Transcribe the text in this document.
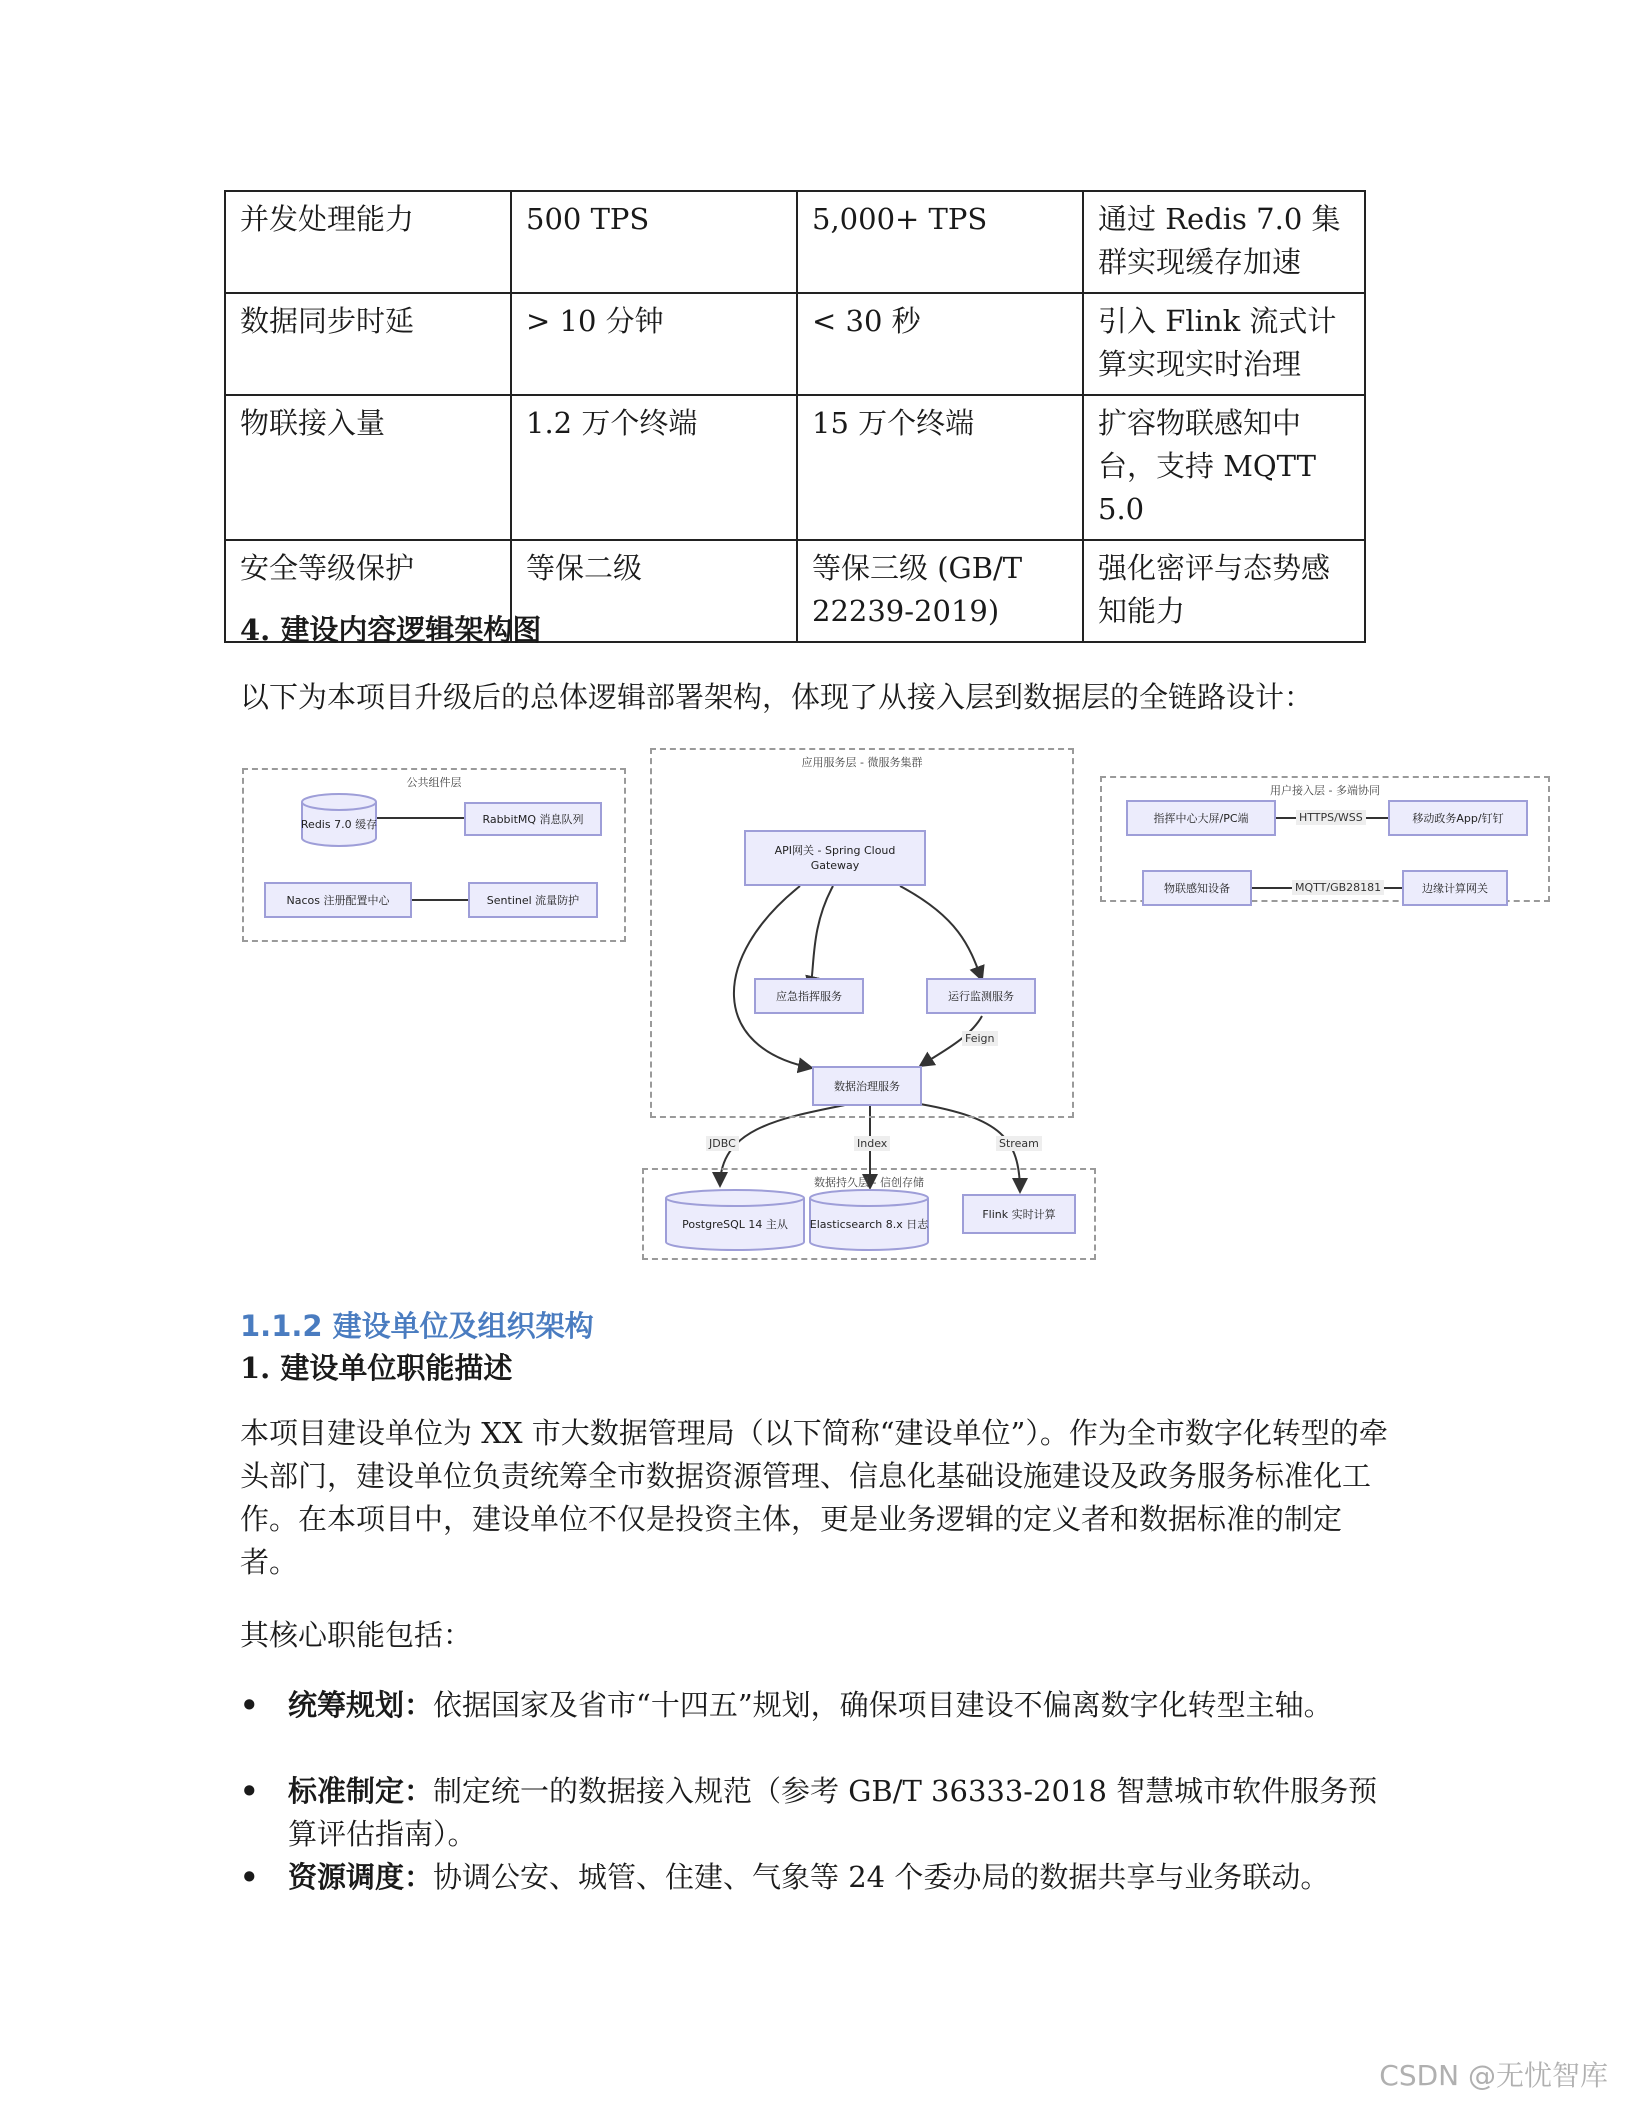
并发处理能力	500 TPS	5,000+ TPS	通过 Redis 7.0 集群实现缓存加速
数据同步时延	> 10 分钟	< 30 秒	引入 Flink 流式计算实现实时治理
物联接入量	1.2 万个终端	15 万个终端	扩容物联感知中台，支持 MQTT 5.0
安全等级保护	等保二级	等保三级 (GB/T 22239-2019)	强化密评与态势感知能力
4. 建设内容逻辑架构图
以下为本项目升级后的总体逻辑部署架构，体现了从接入层到数据层的全链路设计：
公共组件层
Redis 7.0 缓存	RabbitMQ 消息队列
Nacos 注册配置中心	Sentinel 流量防护
应用服务层 - 微服务集群
API网关 - Spring Cloud Gateway
应急指挥服务	运行监测服务
Feign
数据治理服务
用户接入层 - 多端协同
指挥中心大屏/PC端	HTTPS/WSS	移动政务App/钉钉
物联感知设备	MQTT/GB28181	边缘计算网关
JDBC	Index	Stream
数据持久层 - 信创存储
PostgreSQL 14 主从	Elasticsearch 8.x 日志
Flink 实时计算
1.1.2 建设单位及组织架构
1. 建设单位职能描述
本项目建设单位为 XX 市大数据管理局（以下简称“建设单位”）。作为全市数字化转型的牵头部门，建设单位负责统筹全市数据资源管理、信息化基础设施建设及政务服务标准化工作。在本项目中，建设单位不仅是投资主体，更是业务逻辑的定义者和数据标准的制定者。
其核心职能包括：
• 统筹规划：依据国家及省市“十四五”规划，确保项目建设不偏离数字化转型主轴。
• 标准制定：制定统一的数据接入规范（参考 GB/T 36333-2018 智慧城市软件服务预算评估指南）。
• 资源调度：协调公安、城管、住建、气象等 24 个委办局的数据共享与业务联动。
CSDN @无忧智库
